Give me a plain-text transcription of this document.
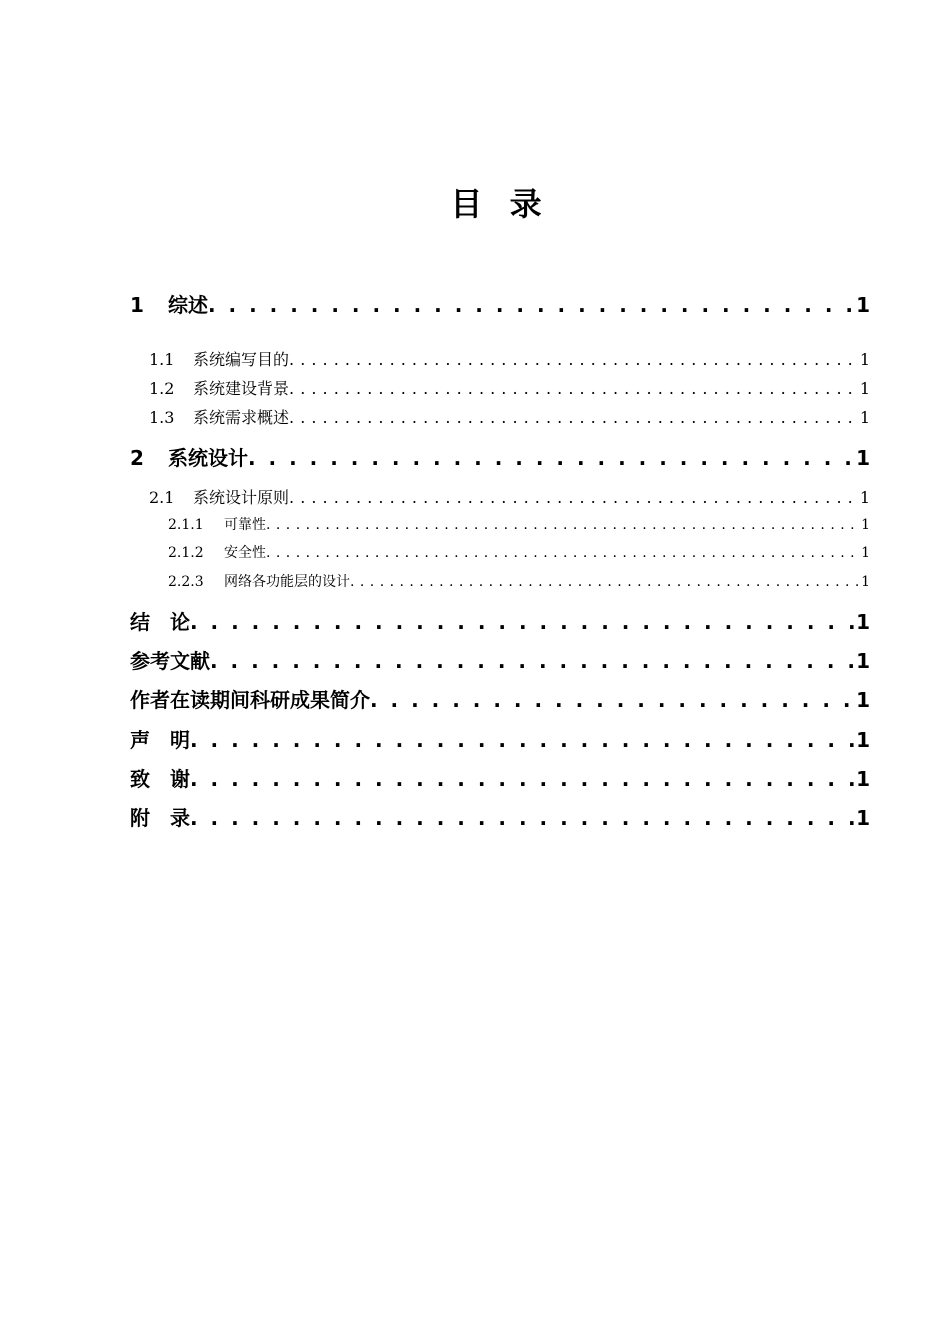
目 录
1	综述 . . .	1
1.1	系统编写目的 . . .	1
1.2	系统建设背景 . . .	1
1.3	系统需求概述 . . .	1
2	系统设计 . . .	1
2.1	系统设计原则 . . .	1
2.1.1	可靠性 . . .	1
2.1.2	安全性 . . .	1
2.2.3	网络各功能层的设计 . . .	1
结　论 . . .	1
参考文献 . . .	1
作者在读期间科研成果简介 . . .	1
声　明 . . .	1
致　谢 . . .	1
附　录 . . .	1
